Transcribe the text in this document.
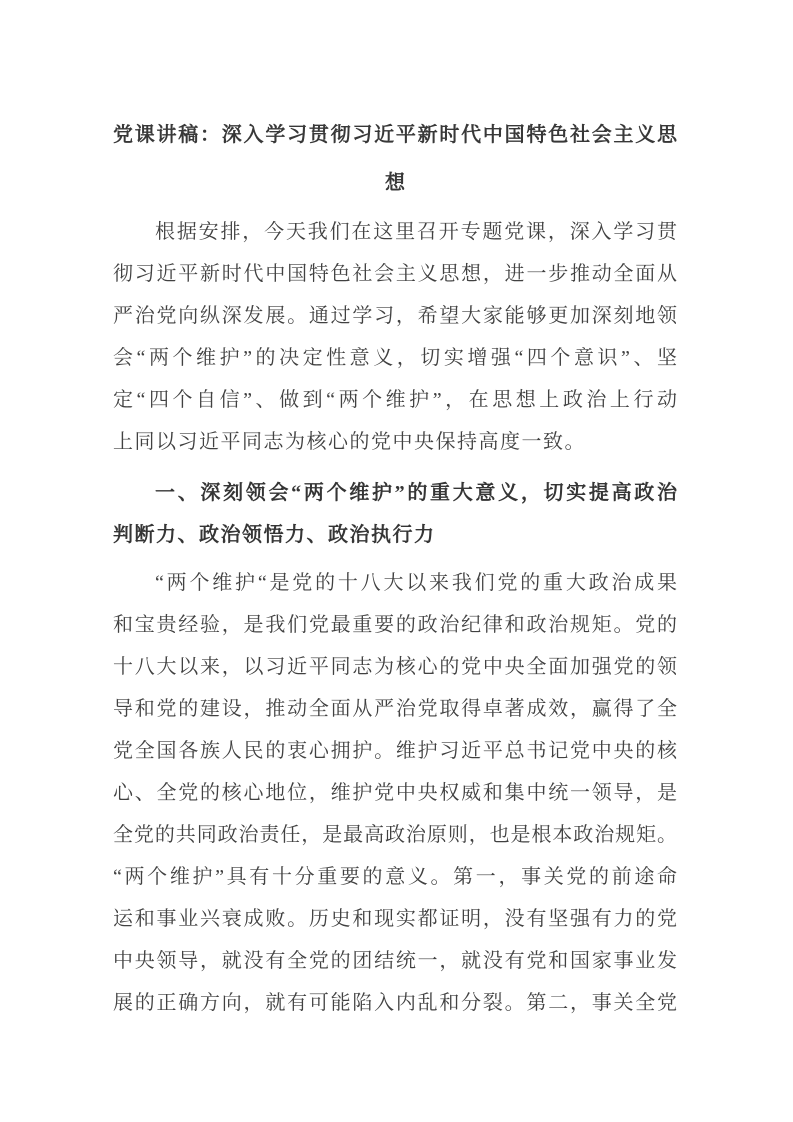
党课讲稿：深入学习贯彻习近平新时代中国特色社会主义思
想
根据安排，今天我们在这里召开专题党课，深入学习贯
彻习近平新时代中国特色社会主义思想，进一步推动全面从
严治党向纵深发展。通过学习，希望大家能够更加深刻地领
会“两个维护”的决定性意义，切实增强“四个意识”、坚
定“四个自信”、做到“两个维护”，在思想上政治上行动
上同以习近平同志为核心的党中央保持高度一致。
一、深刻领会“两个维护”的重大意义，切实提高政治
判断力、政治领悟力、政治执行力
“两个维护“是党的十八大以来我们党的重大政治成果
和宝贵经验，是我们党最重要的政治纪律和政治规矩。党的
十八大以来，以习近平同志为核心的党中央全面加强党的领
导和党的建设，推动全面从严治党取得卓著成效，赢得了全
党全国各族人民的衷心拥护。维护习近平总书记党中央的核
心、全党的核心地位，维护党中央权威和集中统一领导，是
全党的共同政治责任，是最高政治原则，也是根本政治规矩。
“两个维护”具有十分重要的意义。第一，事关党的前途命
运和事业兴衰成败。历史和现实都证明，没有坚强有力的党
中央领导，就没有全党的团结统一，就没有党和国家事业发
展的正确方向，就有可能陷入内乱和分裂。第二，事关全党
